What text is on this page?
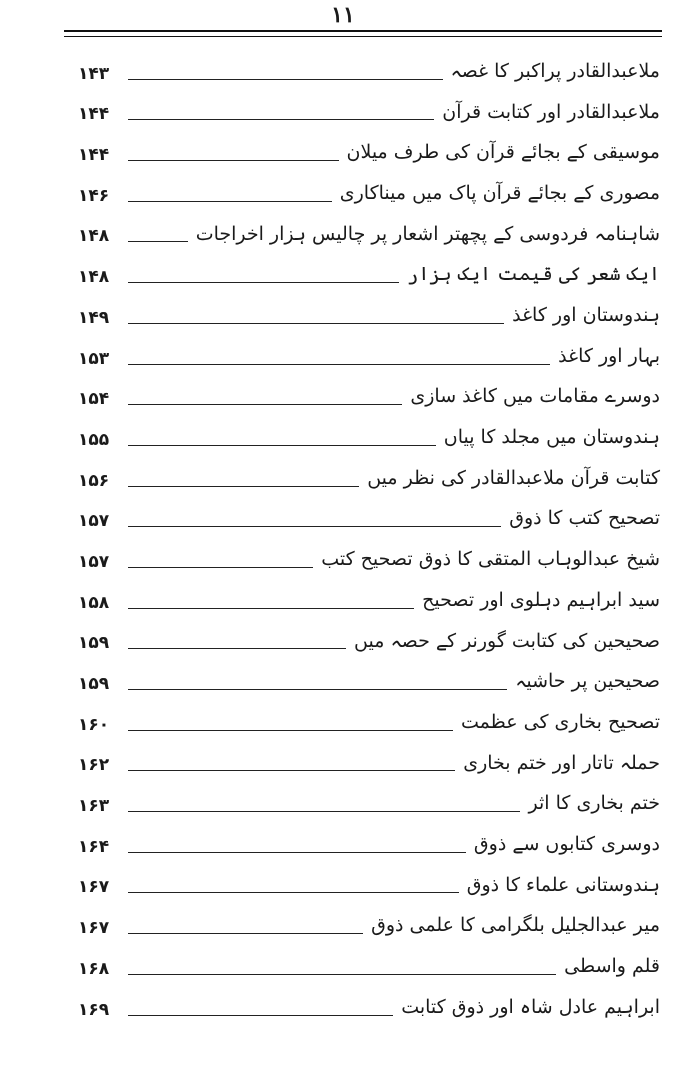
۱۱
۱۴۳	ملاعبدالقادر پراکبر کا غصہ
۱۴۴	ملاعبدالقادر اور کتابت قرآن
۱۴۴	موسیقی کے بجائے قرآن کی طرف میلان
۱۴۶	مصوری کے بجائے قرآن پاک میں میناکاری
۱۴۸	شاہنامہ فردوسی کے پچھتر اشعار پر چالیس ہزار اخراجات
۱۴۸	ایک شعر کی قیمت ایک ہزار
۱۴۹	ہندوستان اور کاغذ
۱۵۳	بہار اور کاغذ
۱۵۴	دوسرے مقامات میں کاغذ سازی
۱۵۵	ہندوستان میں مجلد کا پیاں
۱۵۶	کتابت قرآن ملاعبدالقادر کی نظر میں
۱۵۷	تصحیح کتب کا ذوق
۱۵۷	شیخ عبدالوہاب المتقی کا ذوق تصحیح کتب
۱۵۸	سید ابراہیم دہلوی اور تصحیح
۱۵۹	صحیحین کی کتابت گورنر کے حصہ میں
۱۵۹	صحیحین پر حاشیہ
۱۶۰	تصحیح بخاری کی عظمت
۱۶۲	حملہ تاتار اور ختم بخاری
۱۶۳	ختم بخاری کا اثر
۱۶۴	دوسری کتابوں سے ذوق
۱۶۷	ہندوستانی علماء کا ذوق
۱۶۷	میر عبدالجلیل بلگرامی کا علمی ذوق
۱۶۸	قلم واسطی
۱۶۹	ابراہیم عادل شاہ اور ذوق کتابت
